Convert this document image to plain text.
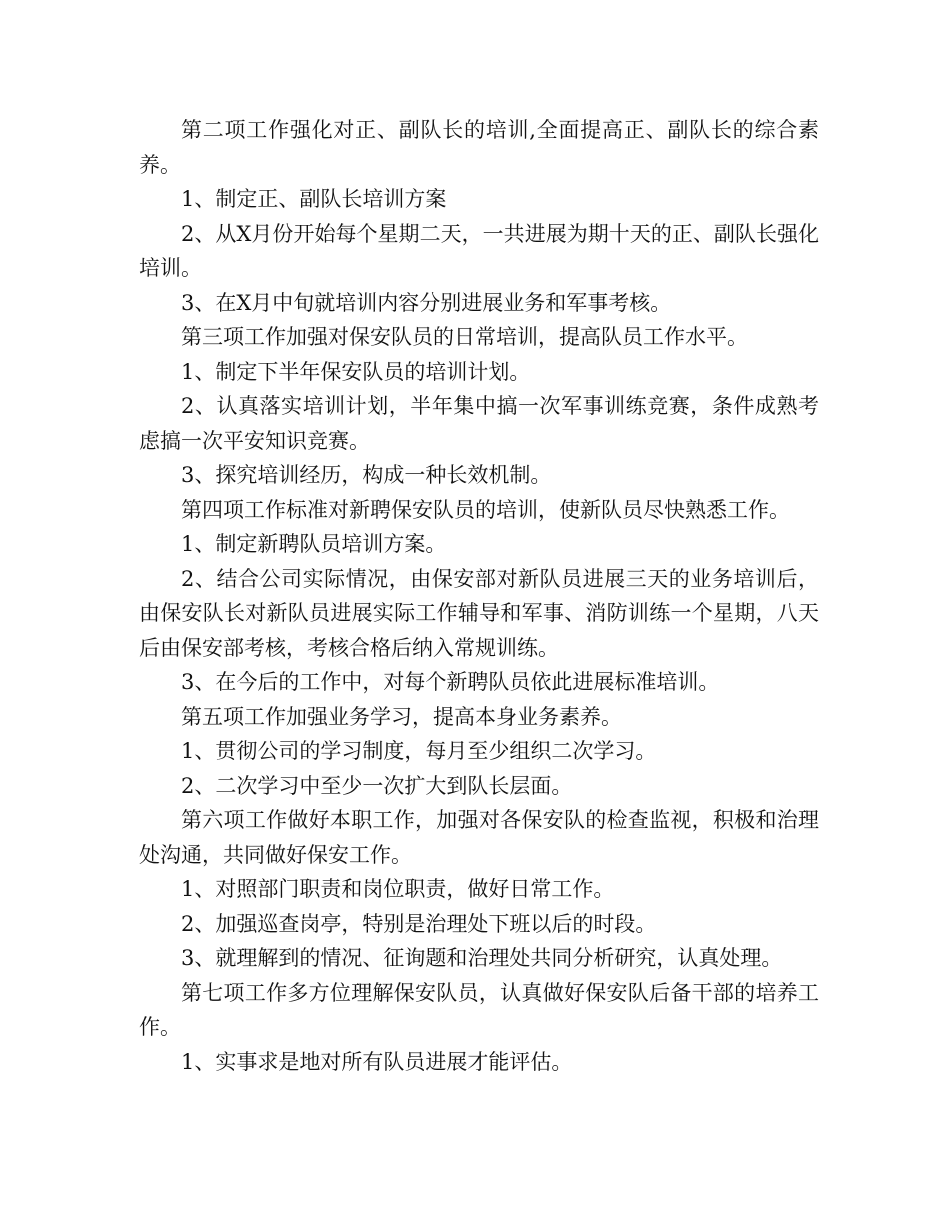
第二项工作强化对正、副队长的培训,全面提高正、副队长的综合素养。

1、制定正、副队长培训方案

2、从X月份开始每个星期二天，一共进展为期十天的正、副队长强化培训。

3、在X月中旬就培训内容分别进展业务和军事考核。

第三项工作加强对保安队员的日常培训，提高队员工作水平。

1、制定下半年保安队员的培训计划。

2、认真落实培训计划，半年集中搞一次军事训练竞赛，条件成熟考虑搞一次平安知识竞赛。

3、探究培训经历，构成一种长效机制。

第四项工作标准对新聘保安队员的培训，使新队员尽快熟悉工作。

1、制定新聘队员培训方案。

2、结合公司实际情况，由保安部对新队员进展三天的业务培训后，由保安队长对新队员进展实际工作辅导和军事、消防训练一个星期，八天后由保安部考核，考核合格后纳入常规训练。

3、在今后的工作中，对每个新聘队员依此进展标准培训。

第五项工作加强业务学习，提高本身业务素养。

1、贯彻公司的学习制度，每月至少组织二次学习。

2、二次学习中至少一次扩大到队长层面。

第六项工作做好本职工作，加强对各保安队的检查监视，积极和治理处沟通，共同做好保安工作。

1、对照部门职责和岗位职责，做好日常工作。

2、加强巡查岗亭，特别是治理处下班以后的时段。

3、就理解到的情况、征询题和治理处共同分析研究，认真处理。

第七项工作多方位理解保安队员，认真做好保安队后备干部的培养工作。

1、实事求是地对所有队员进展才能评估。
